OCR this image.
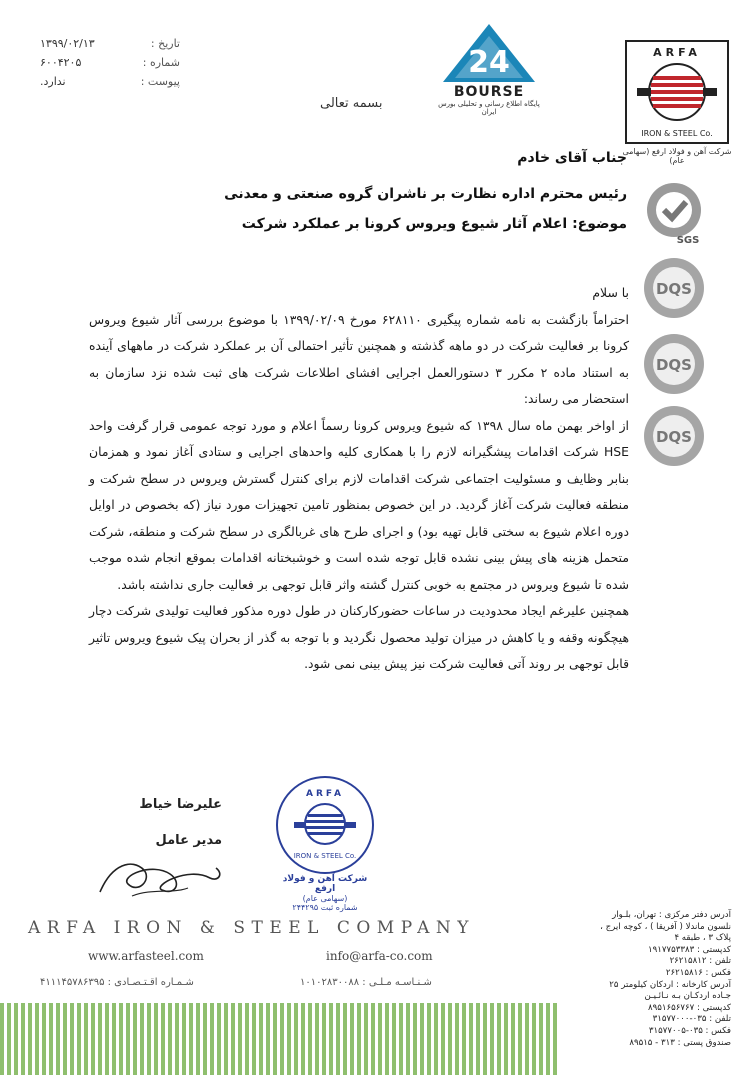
تاریخ :
۱۳۹۹/۰۲/۱۳
شماره :
۶۰۰۴۲۰۵
پیوست :
ندارد.
24
BOURSE
پایگاه اطلاع رسانی و تحلیلی بورس ایران
ARFA
IRON & STEEL Co.
شرکت آهن و فولاد ارفع (سهامی عام)
بسمه تعالی
جناب آقای خادم
رئیس محترم اداره نظارت بر ناشران گروه صنعتی و معدنی
موضوع: اعلام آثار شیوع ویروس کرونا بر عملکرد شرکت
SGS
DQS
DQS
DQS

با سلام

احتراماً بازگشت به نامه شماره پیگیری ۶۲۸۱۱۰ مورخ ۱۳۹۹/۰۲/۰۹ با موضوع بررسی آثار شیوع ویروس کرونا بر فعالیت شرکت در دو ماهه گذشته و همچنین تأثیر احتمالی آن بر عملکرد شرکت در ماههای آینده به استناد ماده ۲ مکرر ۳ دستورالعمل اجرایی افشای اطلاعات شرکت های ثبت شده نزد سازمان به استحضار می رساند:

از اواخر بهمن ماه سال ۱۳۹۸ که شیوع ویروس کرونا رسماً اعلام و مورد توجه عمومی قرار گرفت واحد HSE شرکت اقدامات پیشگیرانه لازم را با همکاری کلیه واحدهای اجرایی و ستادی آغاز نمود و همزمان بنابر وظایف و مسئولیت اجتماعی شرکت اقدامات لازم برای کنترل گسترش ویروس در سطح شرکت و منطقه فعالیت شرکت آغاز گردید. در این خصوص بمنظور تامین تجهیزات مورد نیاز (که بخصوص در اوایل دوره اعلام شیوع به سختی قابل تهیه بود) و اجرای طرح های غربالگری در سطح شرکت و منطقه، شرکت متحمل هزینه های پیش بینی نشده قابل توجه شده است و خوشبختانه اقدامات بموقع انجام شده موجب شده تا شیوع ویروس در مجتمع به خوبی کنترل گشته واثر قابل توجهی بر فعالیت جاری نداشته باشد.

همچنین علیرغم ایجاد محدودیت در ساعات حضورکارکنان در طول دوره مذکور فعالیت تولیدی شرکت دچار هیچگونه وقفه و یا کاهش در میزان تولید محصول نگردید و با توجه به گذر از بحران پیک شیوع ویروس تاثیر قابل توجهی بر روند آتی فعالیت شرکت نیز پیش بینی نمی شود.

علیرضا خیاط
مدیر عامل
ARFA
IRON & STEEL Co.
شرکت آهن و فولاد ارفع
(سهامی عام)
شماره ثبت ۲۴۴۲۹۵
ARFA IRON & STEEL COMPANY
www.arfasteel.com	info@arfa-co.com
شـنـاسـه مـلـی : ۱۰۱۰۲۸۳۰۰۸۸
شـمـاره اقـتـصـادی : ۴۱۱۱۴۵۷۸۶۳۹۵
آدرس دفتر مرکزی : تهران، بلـوار
نلسون ماندلا ( آفریقا ) ، کوچه ایرج ،
پلاک ۳ ، طبقه ۴
کدپستی : ۱۹۱۷۷۵۳۳۸۳
تلفن : ۲۶۲۱۵۸۱۲
فکس : ۲۶۲۱۵۸۱۶
آدرس کارخانه : اردکان کیلومتر ۲۵
جـاده اردکـان بـه نـائـیـن
کدپستی : ۸۹۵۱۶۵۶۷۶۷
تلفن : ۰۳۵-۳۱۵۷۷۰۰۰
فکس : ۰۳۵-۳۱۵۷۷۰۰۵
صندوق پستی : ۳۱۳ - ۸۹۵۱۵
